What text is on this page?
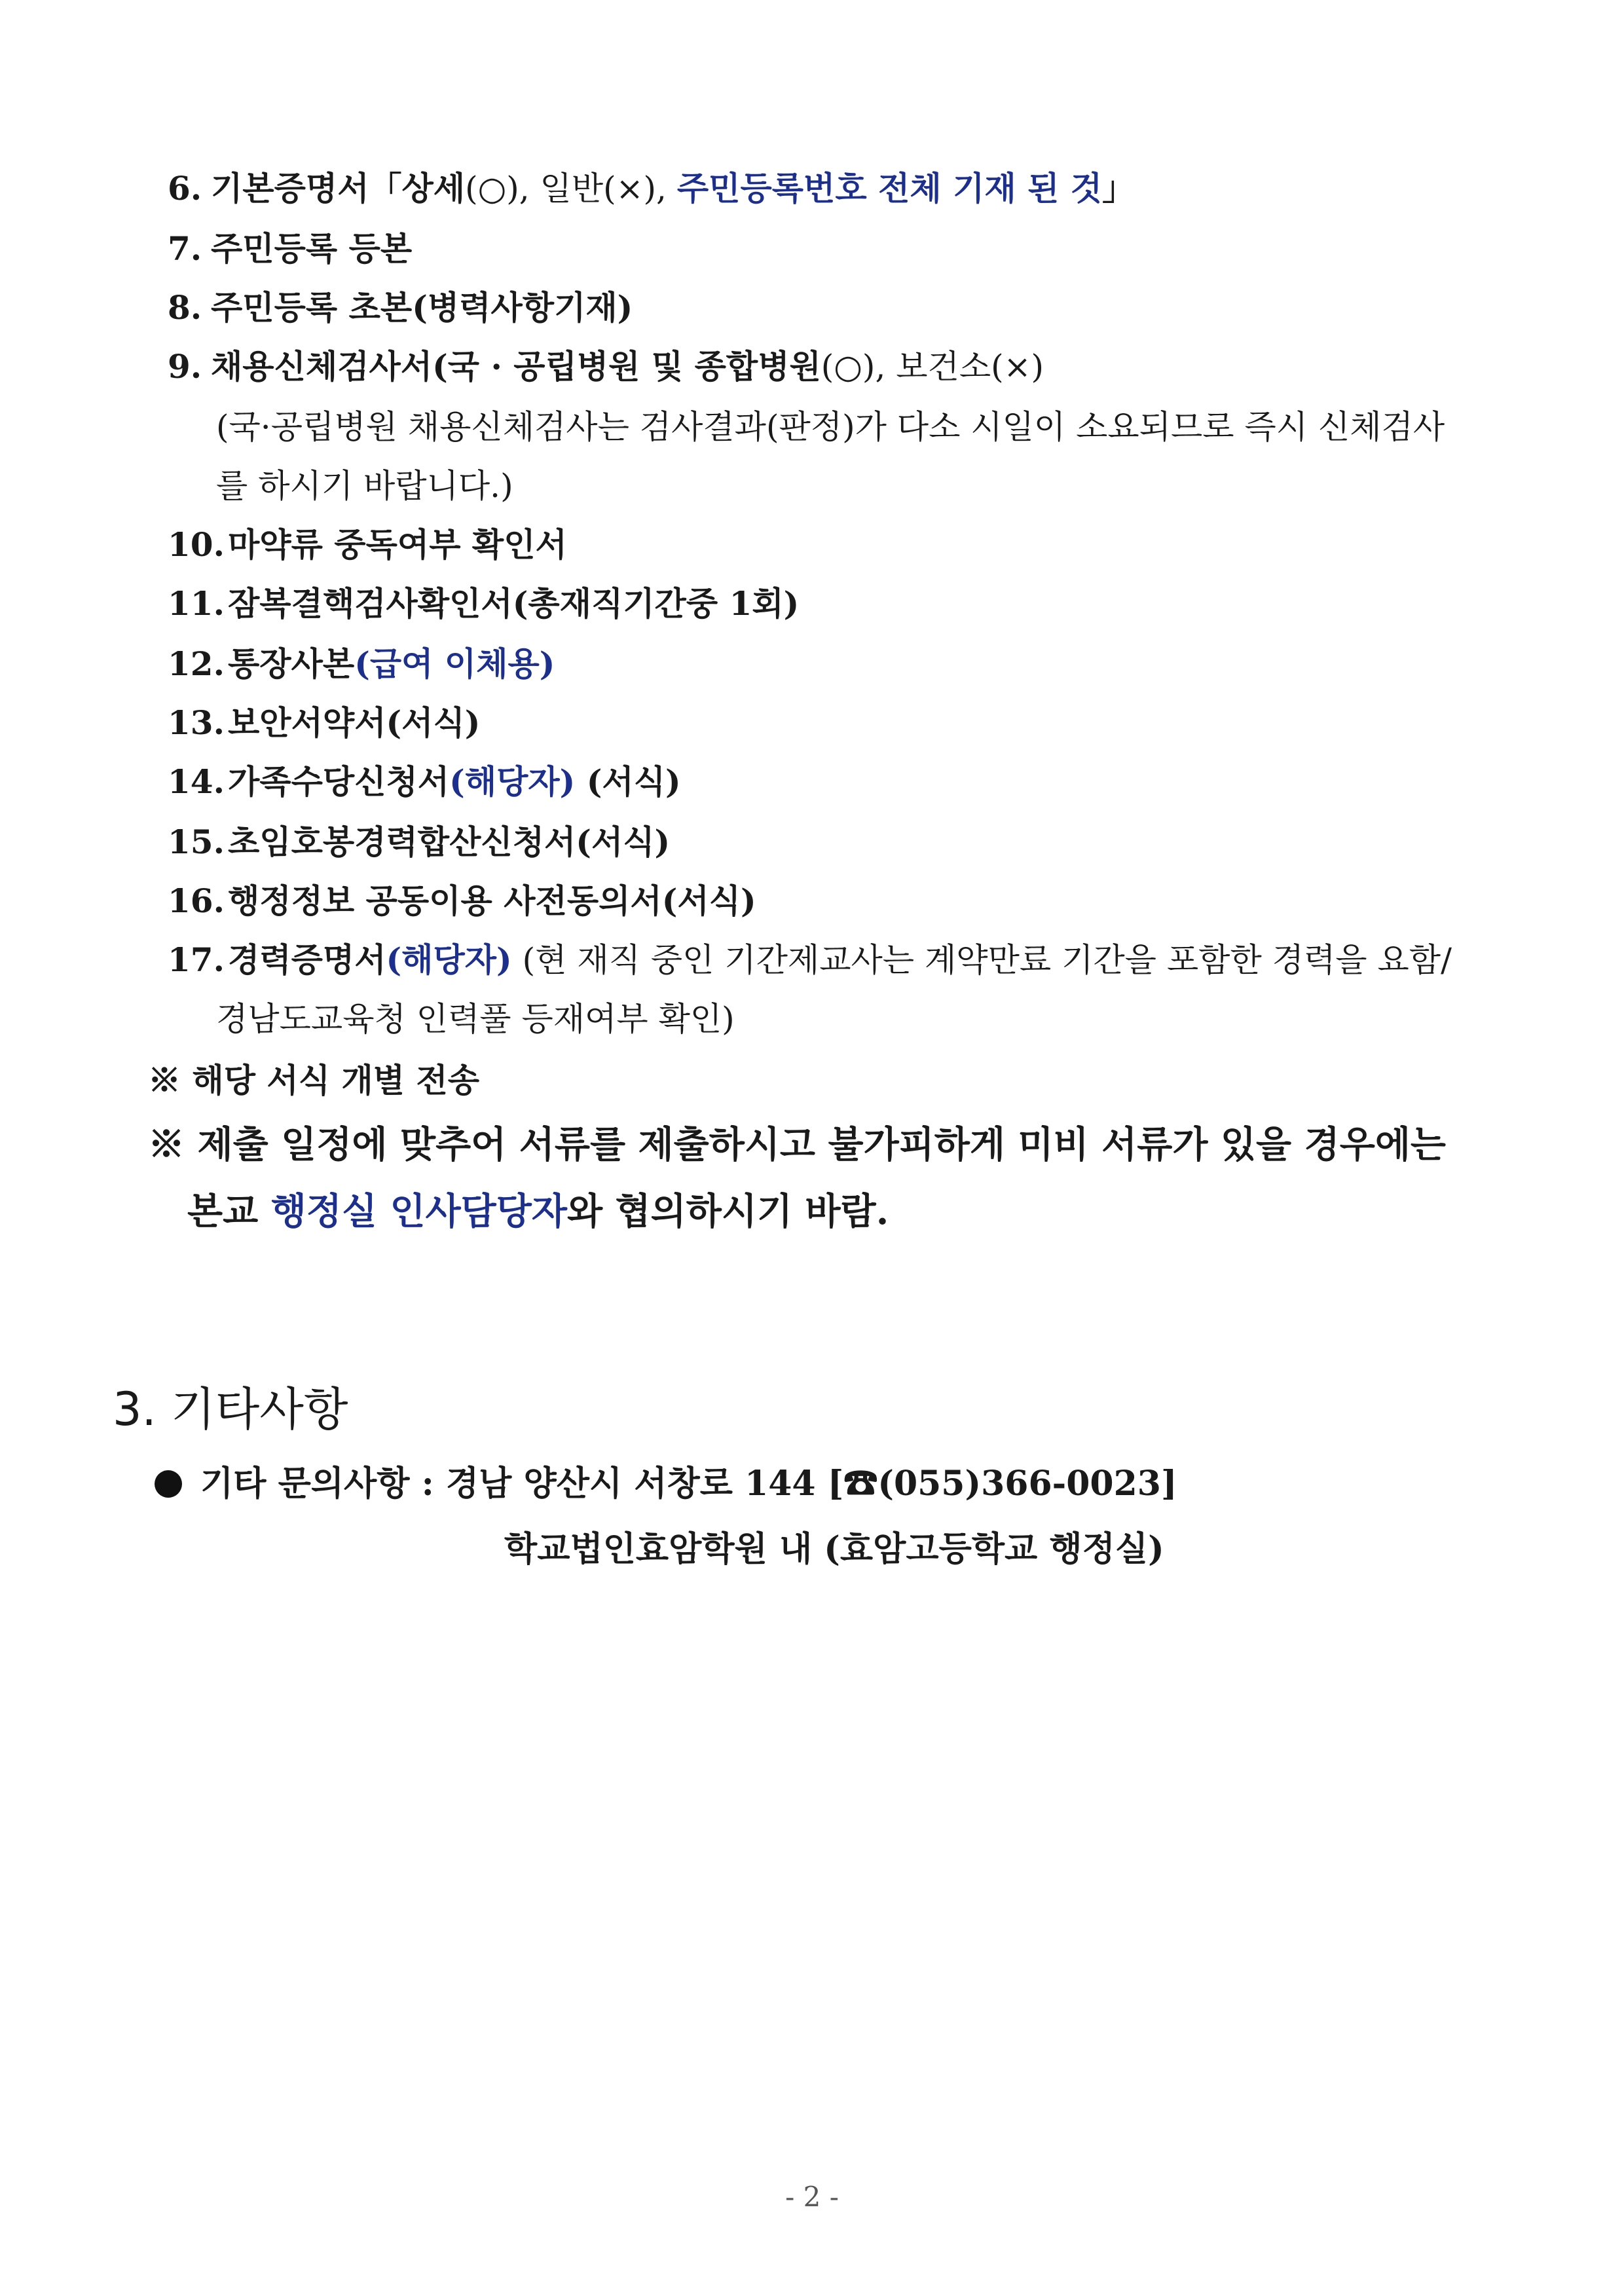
6. 기본증명서「상세(○), 일반(×), 주민등록번호 전체 기재 된 것」
7. 주민등록 등본
8. 주민등록 초본(병력사항기재)
9. 채용신체검사서(국 · 공립병원 및 종합병원(○), 보건소(×)
(국·공립병원 채용신체검사는 검사결과(판정)가 다소 시일이 소요되므로 즉시 신체검사
를 하시기 바랍니다.)
10. 마약류 중독여부 확인서
11. 잠복결핵검사확인서(총재직기간중 1회)
12. 통장사본(급여 이체용)
13. 보안서약서(서식)
14. 가족수당신청서(해당자) (서식)
15. 초임호봉경력합산신청서(서식)
16. 행정정보 공동이용 사전동의서(서식)
17. 경력증명서(해당자) (현 재직 중인 기간제교사는 계약만료 기간을 포함한 경력을 요함/
경남도교육청 인력풀 등재여부 확인)
※ 해당 서식 개별 전송
※ 제출 일정에 맞추어 서류를 제출하시고 불가피하게 미비 서류가 있을 경우에는
본교 행정실 인사담당자와 협의하시기 바람.
3. 기타사항
기타 문의사항 : 경남 양산시 서창로 144 [☎(055)366-0023]
학교법인효암학원 내 (효암고등학교 행정실)
- 2 -
